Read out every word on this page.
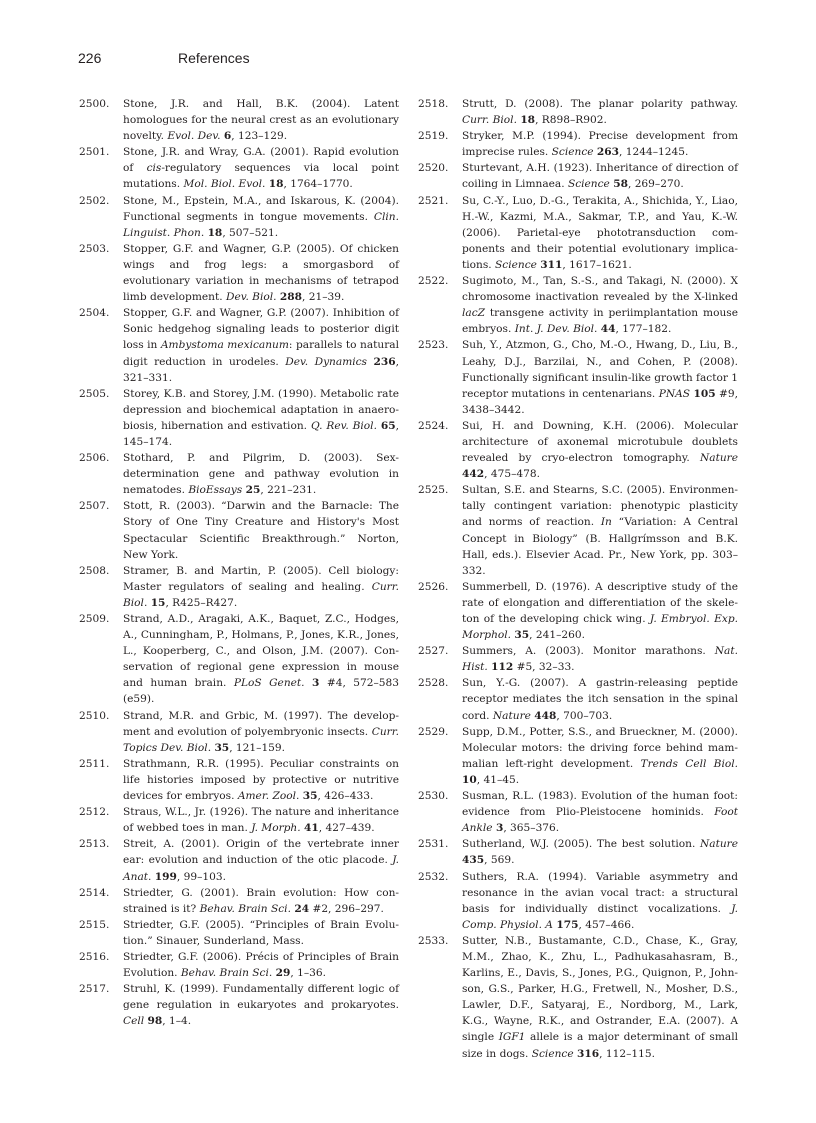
226	References

2500. Stone, J.R. and Hall, B.K. (2004). Latent homologues for the neural crest as an evolutionary novelty. Evol. Dev. 6, 123–129.

2501. Stone, J.R. and Wray, G.A. (2001). Rapid evolution of cis-regulatory sequences via local point mutations. Mol. Biol. Evol. 18, 1764–1770.

2502. Stone, M., Epstein, M.A., and Iskarous, K. (2004). Functional segments in tongue movements. Clin. Linguist. Phon. 18, 507–521.

2503. Stopper, G.F. and Wagner, G.P. (2005). Of chicken wings and frog legs: a smorgasbord of evolutionary variation in mechanisms of tetrapod limb development. Dev. Biol. 288, 21–39.

2504. Stopper, G.F. and Wagner, G.P. (2007). Inhibition of Sonic hedgehog signaling leads to posterior digit loss in Ambystoma mexicanum: parallels to natural digit reduction in urodeles. Dev. Dynamics 236, 321–331.

2505. Storey, K.B. and Storey, J.M. (1990). Metabolic rate depression and biochemical adaptation in anaerobiosis, hibernation and estivation. Q. Rev. Biol. 65, 145–174.

2506. Stothard, P. and Pilgrim, D. (2003). Sex-determination gene and pathway evolution in nematodes. BioEssays 25, 221–231.

2507. Stott, R. (2003). “Darwin and the Barnacle: The Story of One Tiny Creature and History's Most Spectacular Scientific Breakthrough.” Norton, New York.

2508. Stramer, B. and Martin, P. (2005). Cell biology: Master regulators of sealing and healing. Curr. Biol. 15, R425–R427.

2509. Strand, A.D., Aragaki, A.K., Baquet, Z.C., Hodges, A., Cunningham, P., Holmans, P., Jones, K.R., Jones, L., Kooperberg, C., and Olson, J.M. (2007). Conservation of regional gene expression in mouse and human brain. PLoS Genet. 3 #4, 572–583 (e59).

2510. Strand, M.R. and Grbic, M. (1997). The development and evolution of polyembryonic insects. Curr. Topics Dev. Biol. 35, 121–159.

2511. Strathmann, R.R. (1995). Peculiar constraints on life histories imposed by protective or nutritive devices for embryos. Amer. Zool. 35, 426–433.

2512. Straus, W.L., Jr. (1926). The nature and inheritance of webbed toes in man. J. Morph. 41, 427–439.

2513. Streit, A. (2001). Origin of the vertebrate inner ear: evolution and induction of the otic placode. J. Anat. 199, 99–103.

2514. Striedter, G. (2001). Brain evolution: How constrained is it? Behav. Brain Sci. 24 #2, 296–297.

2515. Striedter, G.F. (2005). “Principles of Brain Evolution.” Sinauer, Sunderland, Mass.

2516. Striedter, G.F. (2006). Précis of Principles of Brain Evolution. Behav. Brain Sci. 29, 1–36.

2517. Struhl, K. (1999). Fundamentally different logic of gene regulation in eukaryotes and prokaryotes. Cell 98, 1–4.

2518. Strutt, D. (2008). The planar polarity pathway. Curr. Biol. 18, R898–R902.

2519. Stryker, M.P. (1994). Precise development from imprecise rules. Science 263, 1244–1245.

2520. Sturtevant, A.H. (1923). Inheritance of direction of coiling in Limnaea. Science 58, 269–270.

2521. Su, C.-Y., Luo, D.-G., Terakita, A., Shichida, Y., Liao, H.-W., Kazmi, M.A., Sakmar, T.P., and Yau, K.-W. (2006). Parietal-eye phototransduction components and their potential evolutionary implications. Science 311, 1617–1621.

2522. Sugimoto, M., Tan, S.-S., and Takagi, N. (2000). X chromosome inactivation revealed by the X-linked lacZ transgene activity in periimplantation mouse embryos. Int. J. Dev. Biol. 44, 177–182.

2523. Suh, Y., Atzmon, G., Cho, M.-O., Hwang, D., Liu, B., Leahy, D.J., Barzilai, N., and Cohen, P. (2008). Functionally significant insulin-like growth factor 1 receptor mutations in centenarians. PNAS 105 #9, 3438–3442.

2524. Sui, H. and Downing, K.H. (2006). Molecular architecture of axonemal microtubule doublets revealed by cryo-electron tomography. Nature 442, 475–478.

2525. Sultan, S.E. and Stearns, S.C. (2005). Environmentally contingent variation: phenotypic plasticity and norms of reaction. In “Variation: A Central Concept in Biology” (B. Hallgrímsson and B.K. Hall, eds.). Elsevier Acad. Pr., New York, pp. 303–332.

2526. Summerbell, D. (1976). A descriptive study of the rate of elongation and differentiation of the skeleton of the developing chick wing. J. Embryol. Exp. Morphol. 35, 241–260.

2527. Summers, A. (2003). Monitor marathons. Nat. Hist. 112 #5, 32–33.

2528. Sun, Y.-G. (2007). A gastrin-releasing peptide receptor mediates the itch sensation in the spinal cord. Nature 448, 700–703.

2529. Supp, D.M., Potter, S.S., and Brueckner, M. (2000). Molecular motors: the driving force behind mammalian left-right development. Trends Cell Biol. 10, 41–45.

2530. Susman, R.L. (1983). Evolution of the human foot: evidence from Plio-Pleistocene hominids. Foot Ankle 3, 365–376.

2531. Sutherland, W.J. (2005). The best solution. Nature 435, 569.

2532. Suthers, R.A. (1994). Variable asymmetry and resonance in the avian vocal tract: a structural basis for individually distinct vocalizations. J. Comp. Physiol. A 175, 457–466.

2533. Sutter, N.B., Bustamante, C.D., Chase, K., Gray, M.M., Zhao, K., Zhu, L., Padhukasahasram, B., Karlins, E., Davis, S., Jones, P.G., Quignon, P., Johnson, G.S., Parker, H.G., Fretwell, N., Mosher, D.S., Lawler, D.F., Satyaraj, E., Nordborg, M., Lark, K.G., Wayne, R.K., and Ostrander, E.A. (2007). A single IGF1 allele is a major determinant of small size in dogs. Science 316, 112–115.
